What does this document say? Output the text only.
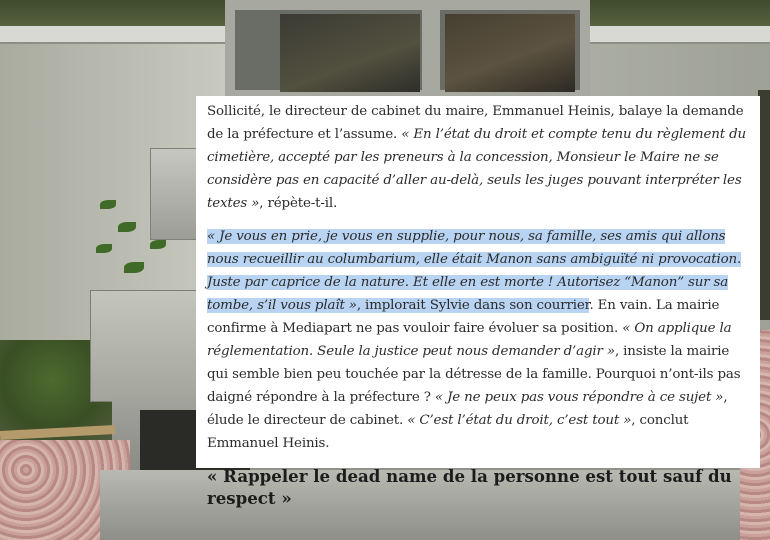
Sollicité, le directeur de cabinet du maire, Emmanuel Heinis, balaye la demande de la préfecture et l’assume. « En l’état du droit et compte tenu du règlement du cimetière, accepté par les preneurs à la concession, Monsieur le Maire ne se considère pas en capacité d’aller au-delà, seuls les juges pouvant interpréter les textes », répète-t-il.

« Je vous en prie, je vous en supplie, pour nous, sa famille, ses amis qui allons nous recueillir au columbarium, elle était Manon sans ambiguïté ni provocation. Juste par caprice de la nature. Et elle en est morte ! Autorisez “Manon” sur sa tombe, s’il vous plaît », implorait Sylvie dans son courrier. En vain. La mairie confirme à Mediapart ne pas vouloir faire évoluer sa position. « On applique la réglementation. Seule la justice peut nous demander d’agir », insiste la mairie qui semble bien peu touchée par la détresse de la famille. Pourquoi n’ont-ils pas daigné répondre à la préfecture ? « Je ne peux pas vous répondre à ce sujet », élude le directeur de cabinet. « C’est l’état du droit, c’est tout », conclut Emmanuel Heinis.

« Rappeler le dead name de la personne est tout sauf du respect »
